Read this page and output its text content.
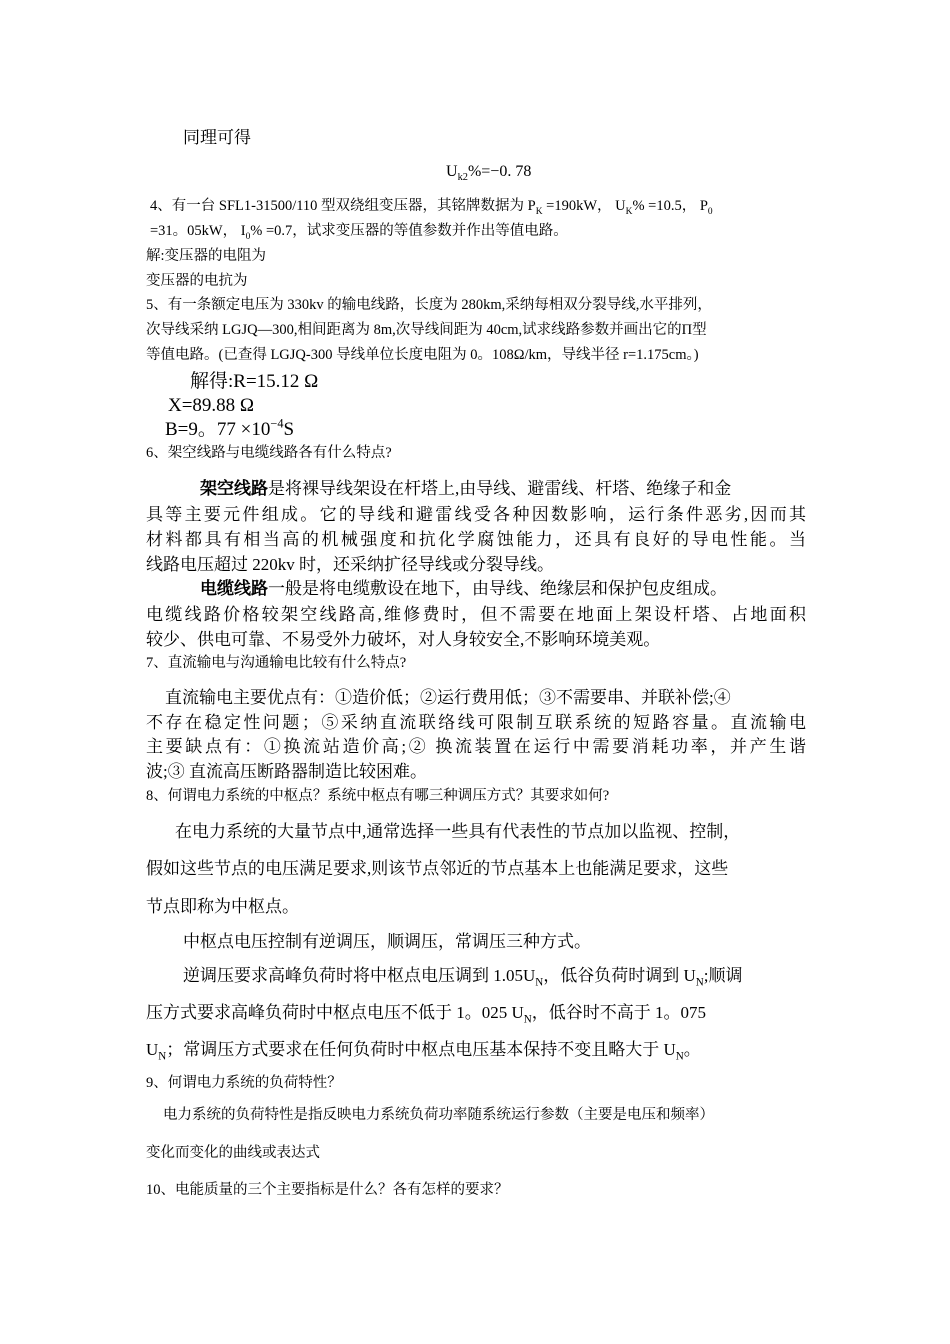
同理可得
$U_{k2}\%=-0$. 78
4、有一台 SFL1-31500/110 型双绕组变压器，其铭牌数据为 $P_K =190kW$， $U_K\% =10.5$， $P_0$
=31。05kW， $I_0\% =0.7$，试求变压器的等值参数并作出等值电路。
解:变压器的电阻为
变压器的电抗为
5、有一条额定电压为 330kv 的输电线路，长度为 280km,采纳每相双分裂导线,水平排列，
次导线采纳 LGJQ—300,相间距离为 8m,次导线间距为 40cm,试求线路参数并画出它的Π型
等值电路。(已查得 LGJQ-300 导线单位长度电阻为 0。108Ω/km，导线半径 r=1.175cm。)
解得:R=15.12 Ω
X=89.88 Ω
B=9。$77 \times 10^{-4}S$
6、架空线路与电缆线路各有什么特点?
架空线路是将裸导线架设在杆塔上,由导线、避雷线、杆塔、绝缘子和金
具等主要元件组成。它的导线和避雷线受各种因数影响，运行条件恶劣,因而其
材料都具有相当高的机械强度和抗化学腐蚀能力，还具有良好的导电性能。当
线路电压超过 220kv 时，还采纳扩径导线或分裂导线。
电缆线路一般是将电缆敷设在地下，由导线、绝缘层和保护包皮组成。
电缆线路价格较架空线路高,维修费时，但不需要在地面上架设杆塔、占地面积
较少、供电可靠、不易受外力破坏，对人身较安全,不影响环境美观。
7、直流输电与沟通输电比较有什么特点?
直流输电主要优点有：①造价低；②运行费用低；③不需要串、并联补偿;④
不存在稳定性问题；⑤采纳直流联络线可限制互联系统的短路容量。直流输电
主要缺点有：①换流站造价高;② 换流装置在运行中需要消耗功率，并产生谐
波;③ 直流高压断路器制造比较困难。
8、何谓电力系统的中枢点？系统中枢点有哪三种调压方式？其要求如何?
在电力系统的大量节点中,通常选择一些具有代表性的节点加以监视、控制，
假如这些节点的电压满足要求,则该节点邻近的节点基本上也能满足要求，这些
节点即称为中枢点。
中枢点电压控制有逆调压，顺调压，常调压三种方式。
逆调压要求高峰负荷时将中枢点电压调到 $1.05U_N$，低谷负荷时调到 $U_N$;顺调
压方式要求高峰负荷时中枢点电压不低于 1。025 $U_N$，低谷时不高于 1。075
$U_N$；常调压方式要求在任何负荷时中枢点电压基本保持不变且略大于 $U_N$。
9、何谓电力系统的负荷特性？
电力系统的负荷特性是指反映电力系统负荷功率随系统运行参数（主要是电压和频率）
变化而变化的曲线或表达式
10、电能质量的三个主要指标是什么？各有怎样的要求？
